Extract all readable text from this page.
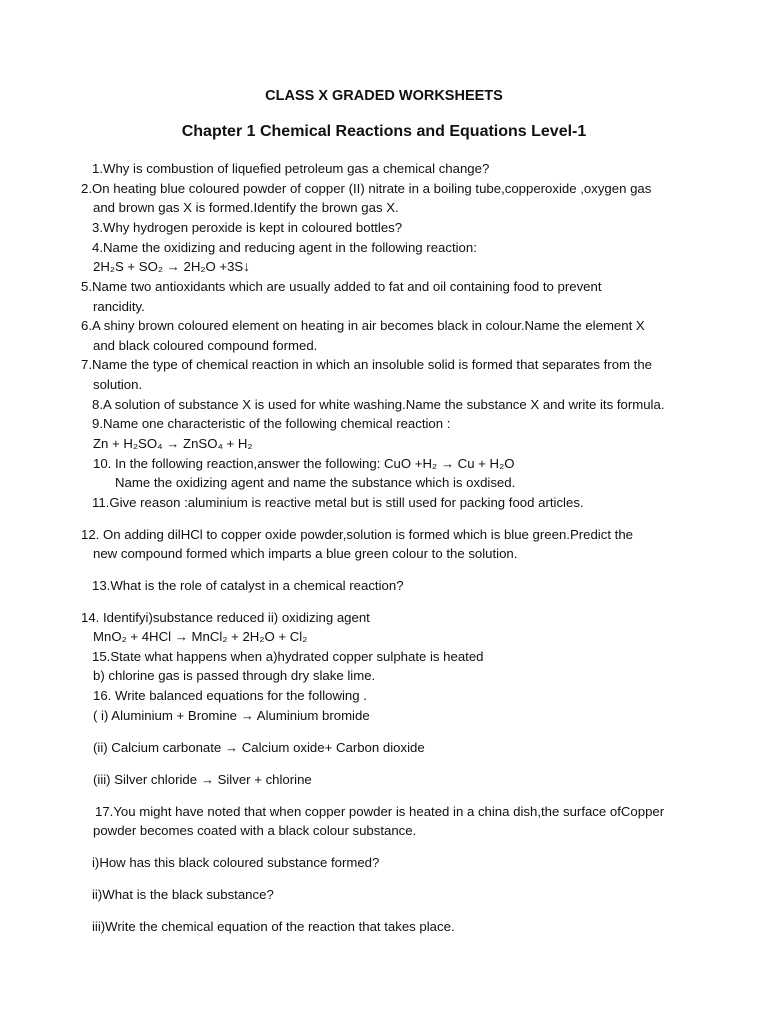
CLASS X GRADED WORKSHEETS
Chapter 1 Chemical Reactions and Equations Level-1
1.Why is combustion of liquefied petroleum gas a chemical change?
2.On heating blue coloured powder of copper (II) nitrate in a boiling tube,copperoxide ,oxygen gas
and brown gas X is formed.Identify the brown gas X.
3.Why hydrogen peroxide is kept in coloured bottles?
4.Name the oxidizing and reducing agent in the following reaction:
2H₂S + SO₂ → 2H₂O +3S↓
5.Name two antioxidants which are usually added to fat and oil containing food to prevent
rancidity.
6.A shiny brown coloured element on heating in air becomes black in colour.Name the element X
and black coloured compound formed.
7.Name the type of chemical reaction in which an insoluble solid is formed that separates from the
solution.
8.A solution of substance X is used for white washing.Name the substance X and write its formula.
9.Name one characteristic of the following chemical reaction :
Zn + H₂SO₄ → ZnSO₄ + H₂
10. In the following reaction,answer the following: CuO +H₂ → Cu + H₂O
Name the oxidizing agent and name the substance which is oxdised.
11.Give reason :aluminium is reactive metal but is still used for packing food articles.
12. On adding dilHCl to copper oxide powder,solution is formed which is blue green.Predict the
new compound formed which imparts a blue green colour to the solution.
13.What is the role of catalyst in a chemical reaction?
14. Identifyi)substance reduced ii) oxidizing agent
MnO₂ + 4HCl → MnCl₂ + 2H₂O + Cl₂
15.State what happens when a)hydrated copper sulphate is heated
b) chlorine gas is passed through dry slake lime.
16. Write balanced equations for the following .
( i) Aluminium + Bromine → Aluminium bromide
(ii) Calcium carbonate → Calcium oxide+ Carbon dioxide
(iii) Silver chloride → Silver + chlorine
17.You might have noted that when copper powder is heated in a china dish,the surface ofCopper
powder becomes coated with a black colour substance.
i)How has this black coloured substance formed?
ii)What is the black substance?
iii)Write the chemical equation of the reaction that takes place.
